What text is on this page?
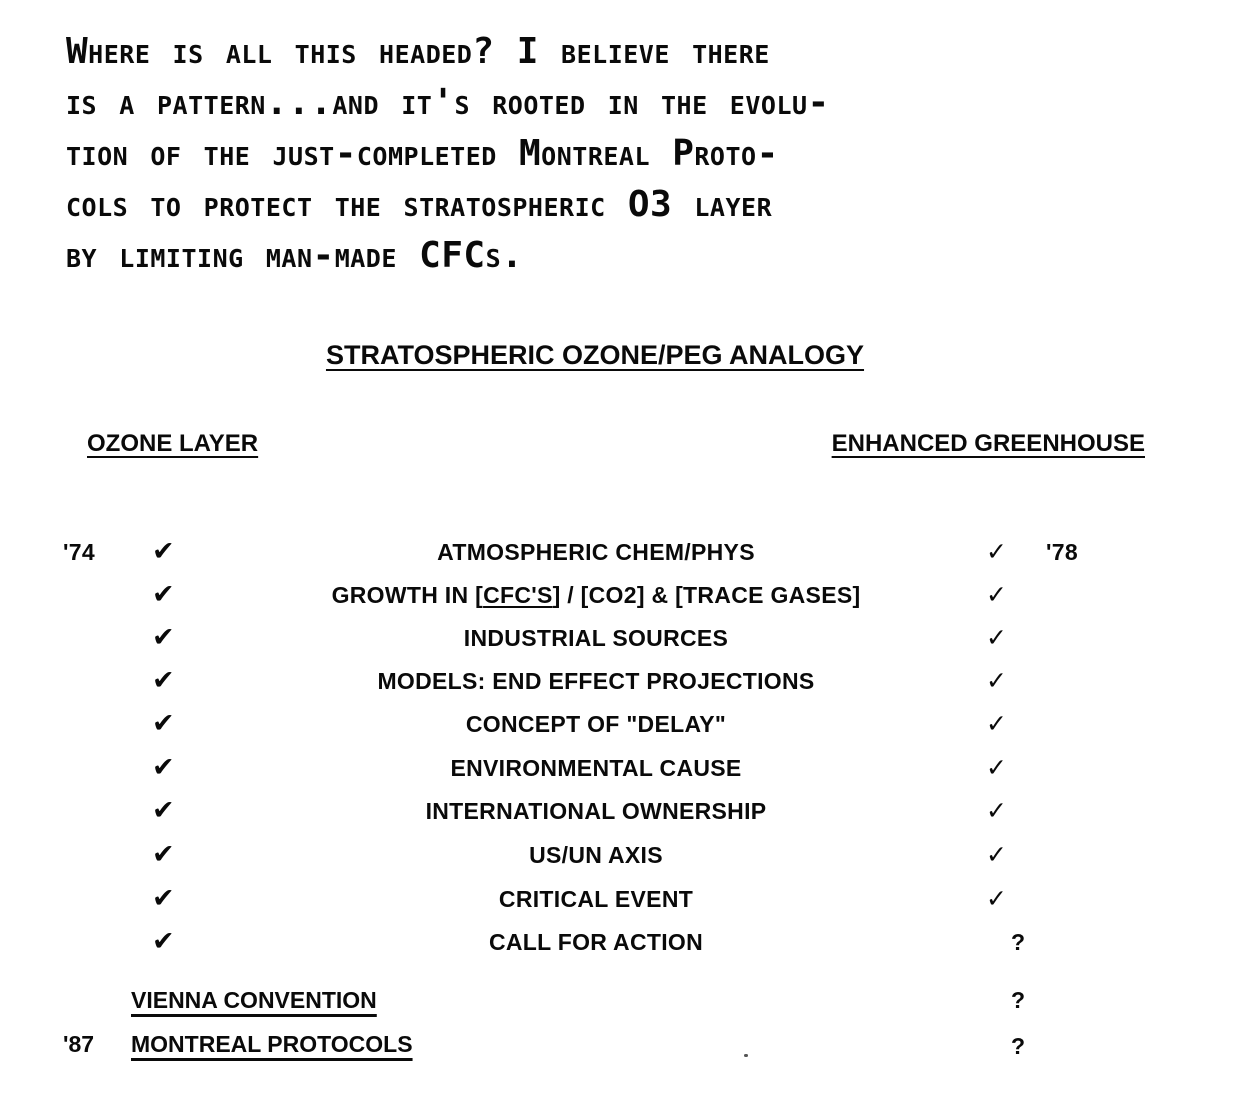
Where is all this headed? I believe there
is a pattern...and it's rooted in the evolu-
tion of the just-completed Montreal Proto-
cols to protect the stratospheric O3 layer
by limiting man-made CFCs.
STRATOSPHERIC OZONE/PEG ANALOGY
OZONE LAYER	ENHANCED GREENHOUSE
'74 ✔	ATMOSPHERIC CHEM/PHYS	✓ '78
✔	GROWTH IN [CFC'S] / [CO2] & [TRACE GASES]	✓
✔	INDUSTRIAL SOURCES	✓
✔	MODELS: END EFFECT PROJECTIONS	✓
✔	CONCEPT OF "DELAY"	✓
✔	ENVIRONMENTAL CAUSE	✓
✔	INTERNATIONAL OWNERSHIP	✓
✔	US/UN AXIS	✓
✔	CRITICAL EVENT	✓
✔	CALL FOR ACTION	?
VIENNA CONVENTION	?
'87 MONTREAL PROTOCOLS	?
